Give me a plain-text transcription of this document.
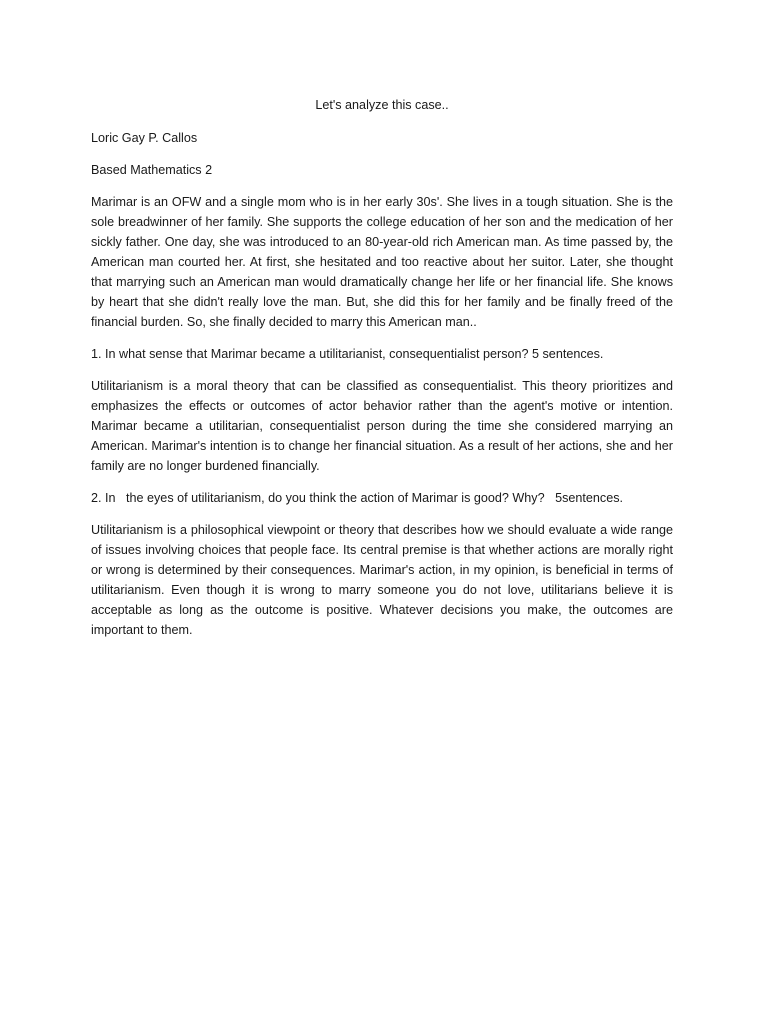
Let's analyze this case..

Loric Gay P. Callos

Based Mathematics 2

Marimar is an OFW and a single mom who is in her early 30s'. She lives in a tough situation. She is the sole breadwinner of her family. She supports the college education of her son and the medication of her sickly father. One day, she was introduced to an 80-year-old rich American man. As time passed by, the American man courted her. At first, she hesitated and too reactive about her suitor. Later, she thought that marrying such an American man would dramatically change her life or her financial life. She knows by heart that she didn't really love the man. But, she did this for her family and be finally freed of the financial burden. So, she finally decided to marry this American man..

1. In what sense that Marimar became a utilitarianist, consequentialist person? 5 sentences.

Utilitarianism is a moral theory that can be classified as consequentialist. This theory prioritizes and emphasizes the effects or outcomes of actor behavior rather than the agent's motive or intention. Marimar became a utilitarian, consequentialist person during the time she considered marrying an American. Marimar's intention is to change her financial situation. As a result of her actions, she and her family are no longer burdened financially.

2. In   the eyes of utilitarianism, do you think the action of Marimar is good? Why?   5sentences.

Utilitarianism is a philosophical viewpoint or theory that describes how we should evaluate a wide range of issues involving choices that people face. Its central premise is that whether actions are morally right or wrong is determined by their consequences. Marimar's action, in my opinion, is beneficial in terms of utilitarianism. Even though it is wrong to marry someone you do not love, utilitarians believe it is acceptable as long as the outcome is positive. Whatever decisions you make, the outcomes are important to them.
